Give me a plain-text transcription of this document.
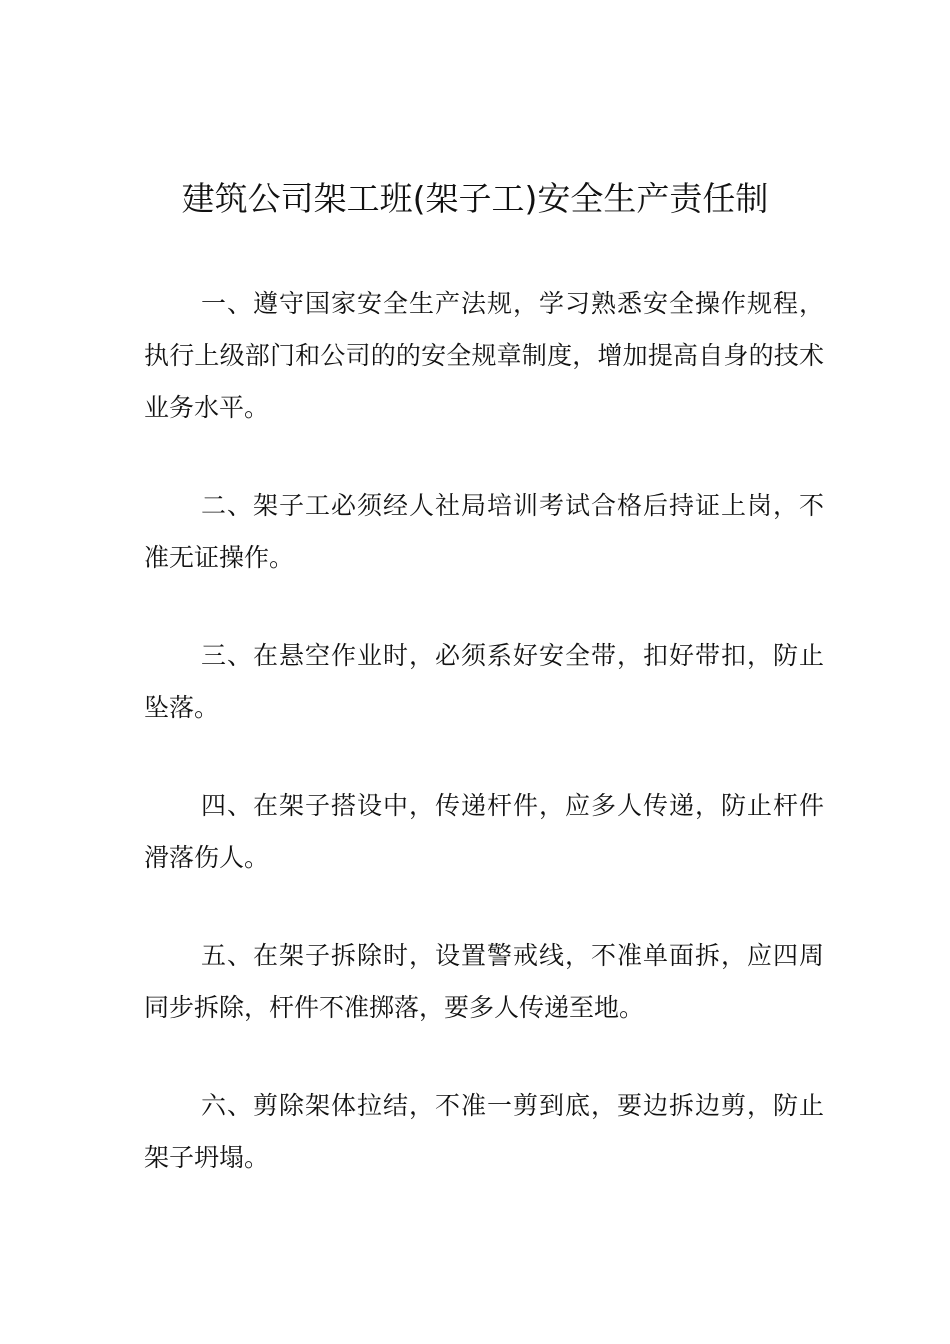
建筑公司架工班(架子工)安全生产责任制

一、遵守国家安全生产法规，学习熟悉安全操作规程，执行上级部门和公司的的安全规章制度，增加提高自身的技术业务水平。

二、架子工必须经人社局培训考试合格后持证上岗，不准无证操作。

三、在悬空作业时，必须系好安全带，扣好带扣，防止坠落。

四、在架子搭设中，传递杆件，应多人传递，防止杆件滑落伤人。

五、在架子拆除时，设置警戒线，不准单面拆，应四周同步拆除，杆件不准掷落，要多人传递至地。

六、剪除架体拉结，不准一剪到底，要边拆边剪，防止架子坍塌。
